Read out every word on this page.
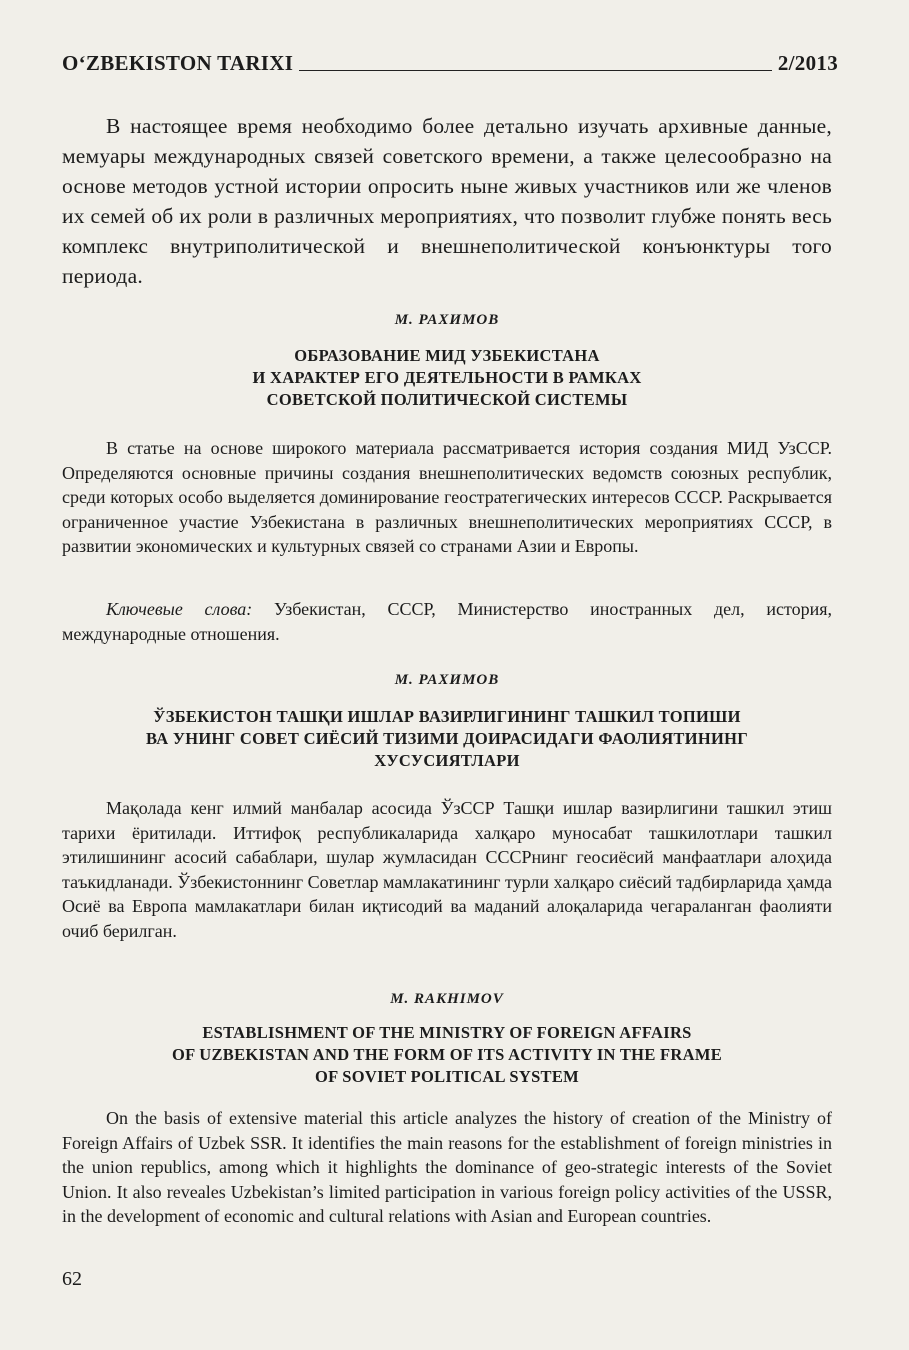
O‘ZBEKISTON TARIXI	2/2013

В настоящее время необходимо более детально изучать архивные данные, мемуары международных связей советского времени, а также целесообразно на основе методов устной истории опросить ныне живых участников или же членов их семей об их роли в различных мероприятиях, что позволит глубже понять весь комплекс внутриполитической и внешнеполитической конъюнктуры того периода.

М. РАХИМОВ
ОБРАЗОВАНИЕ МИД УЗБЕКИСТАНА
И ХАРАКТЕР ЕГО ДЕЯТЕЛЬНОСТИ В РАМКАХ
СОВЕТСКОЙ ПОЛИТИЧЕСКОЙ СИСТЕМЫ

В статье на основе широкого материала рассматривается история создания МИД УзССР. Определяются основные причины создания внешнеполитических ведомств союзных республик, среди которых особо выделяется доминирование геостратегических интересов СССР. Раскрывается ограниченное участие Узбекистана в различных внешнеполитических мероприятиях СССР, в развитии экономических и культурных связей со странами Азии и Европы.

Ключевые слова: Узбекистан, СССР, Министерство иностранных дел, история, международные отношения.

М. РАХИМОВ
ЎЗБЕКИСТОН ТАШҚИ ИШЛАР ВАЗИРЛИГИНИНГ ТАШКИЛ ТОПИШИ
ВА УНИНГ СОВЕТ СИЁСИЙ ТИЗИМИ ДОИРАСИДАГИ ФАОЛИЯТИНИНГ
ХУСУСИЯТЛАРИ

Мақолада кенг илмий манбалар асосида ЎзССР Ташқи ишлар вазирлигини ташкил этиш тарихи ёритилади. Иттифоқ республикаларида халқаро муносабат ташкилотлари ташкил этилишининг асосий сабаблари, шулар жумласидан СССРнинг геосиёсий манфаатлари алоҳида таъкидланади. Ўзбекистоннинг Советлар мамлакатининг турли халқаро сиёсий тадбирларида ҳамда Осиё ва Европа мамлакатлари билан иқтисодий ва маданий алоқаларида чегараланган фаолияти очиб берилган.

M. RAKHIMOV
ESTABLISHMENT OF THE MINISTRY OF FOREIGN AFFAIRS
OF UZBEKISTAN AND THE FORM OF ITS ACTIVITY IN THE FRAME
OF SOVIET POLITICAL SYSTEM

On the basis of extensive material this article analyzes the history of creation of the Ministry of Foreign Affairs of Uzbek SSR. It identifies the main reasons for the establishment of foreign ministries in the union republics, among which it highlights the dominance of geo-strategic interests of the Soviet Union. It also reveales Uzbekistan’s limited participation in various foreign policy activities of the USSR, in the development of economic and cultural relations with Asian and European countries.

62
